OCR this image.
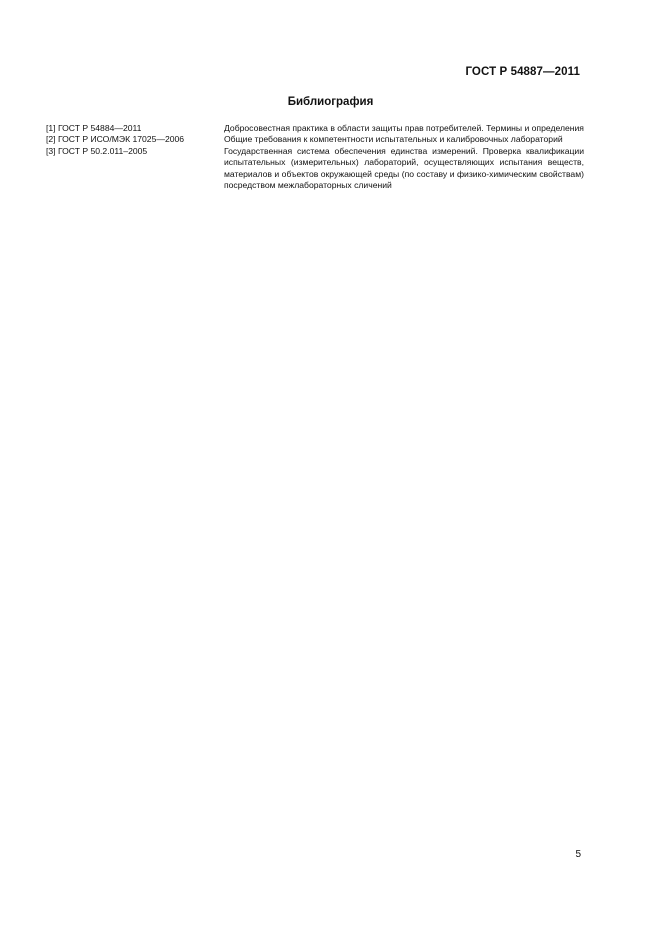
ГОСТ Р 54887—2011
Библиография
[1] ГОСТ Р 54884—2011	Добросовестная практика в области защиты прав потребителей. Термины и определения
[2] ГОСТ Р ИСО/МЭК 17025—2006	Общие требования к компетентности испытательных и калибровочных лабораторий
[3] ГОСТ Р 50.2.011–2005	Государственная система обеспечения единства измерений. Проверка квалификации испытательных (измерительных) лабораторий, осуществляющих испытания веществ, материалов и объектов окружающей среды (по составу и физико-химическим свойствам) посредством межлабораторных сличений
5
